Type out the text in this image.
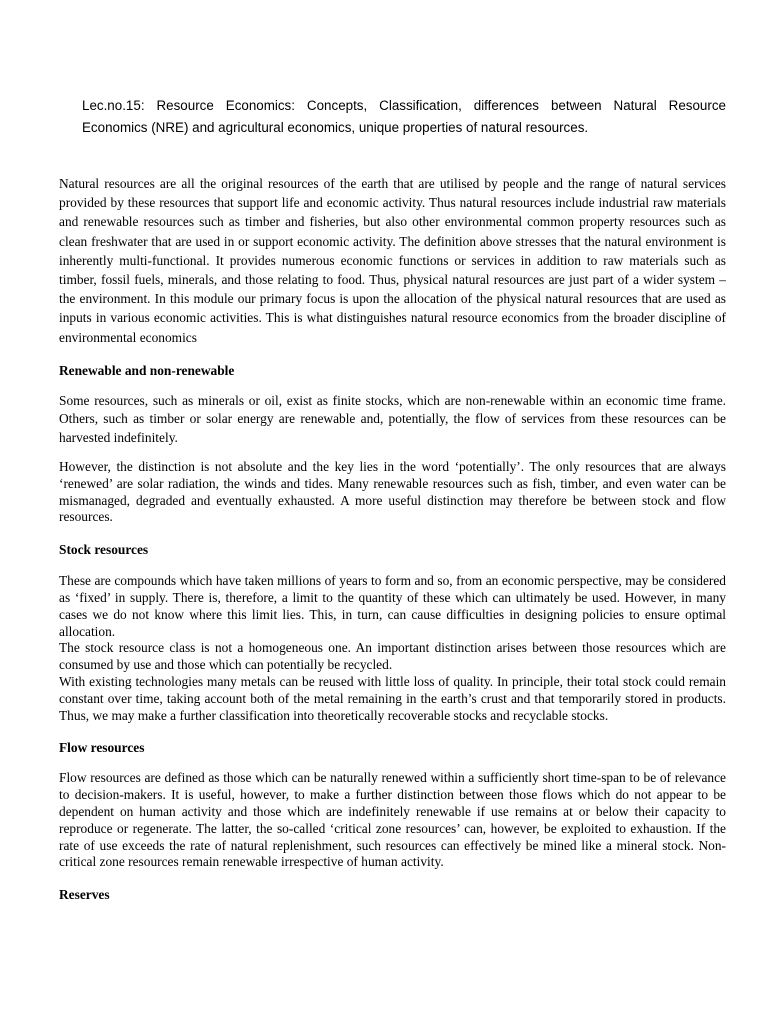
Lec.no.15: Resource Economics: Concepts, Classification, differences between Natural Resource Economics (NRE) and agricultural economics, unique properties of natural resources.

Natural resources are all the original resources of the earth that are utilised by people and the range of natural services provided by these resources that support life and economic activity. Thus natural resources include industrial raw materials and renewable resources such as timber and fisheries, but also other environmental common property resources such as clean freshwater that are used in or support economic activity. The definition above stresses that the natural environment is inherently multi-functional. It provides numerous economic functions or services in addition to raw materials such as timber, fossil fuels, minerals, and those relating to food. Thus, physical natural resources are just part of a wider system – the environment. In this module our primary focus is upon the allocation of the physical natural resources that are used as inputs in various economic activities. This is what distinguishes natural resource economics from the broader discipline of environmental economics

Renewable and non-renewable

Some resources, such as minerals or oil, exist as finite stocks, which are non-renewable within an economic time frame. Others, such as timber or solar energy are renewable and, potentially, the flow of services from these resources can be harvested indefinitely.

However, the distinction is not absolute and the key lies in the word ‘potentially’. The only resources that are always ‘renewed’ are solar radiation, the winds and tides. Many renewable resources such as fish, timber, and even water can be mismanaged, degraded and eventually exhausted. A more useful distinction may therefore be between stock and flow resources.

Stock resources

These are compounds which have taken millions of years to form and so, from an economic perspective, may be considered as ‘fixed’ in supply. There is, therefore, a limit to the quantity of these which can ultimately be used. However, in many cases we do not know where this limit lies. This, in turn, can cause difficulties in designing policies to ensure optimal allocation.

The stock resource class is not a homogeneous one. An important distinction arises between those resources which are consumed by use and those which can potentially be recycled.

With existing technologies many metals can be reused with little loss of quality. In principle, their total stock could remain constant over time, taking account both of the metal remaining in the earth’s crust and that temporarily stored in products. Thus, we may make a further classification into theoretically recoverable stocks and recyclable stocks.

Flow resources

Flow resources are defined as those which can be naturally renewed within a sufficiently short time-span to be of relevance to decision-makers. It is useful, however, to make a further distinction between those flows which do not appear to be dependent on human activity and those which are indefinitely renewable if use remains at or below their capacity to reproduce or regenerate. The latter, the so-called ‘critical zone resources’ can, however, be exploited to exhaustion. If the rate of use exceeds the rate of natural replenishment, such resources can effectively be mined like a mineral stock. Non-critical zone resources remain renewable irrespective of human activity.

Reserves
